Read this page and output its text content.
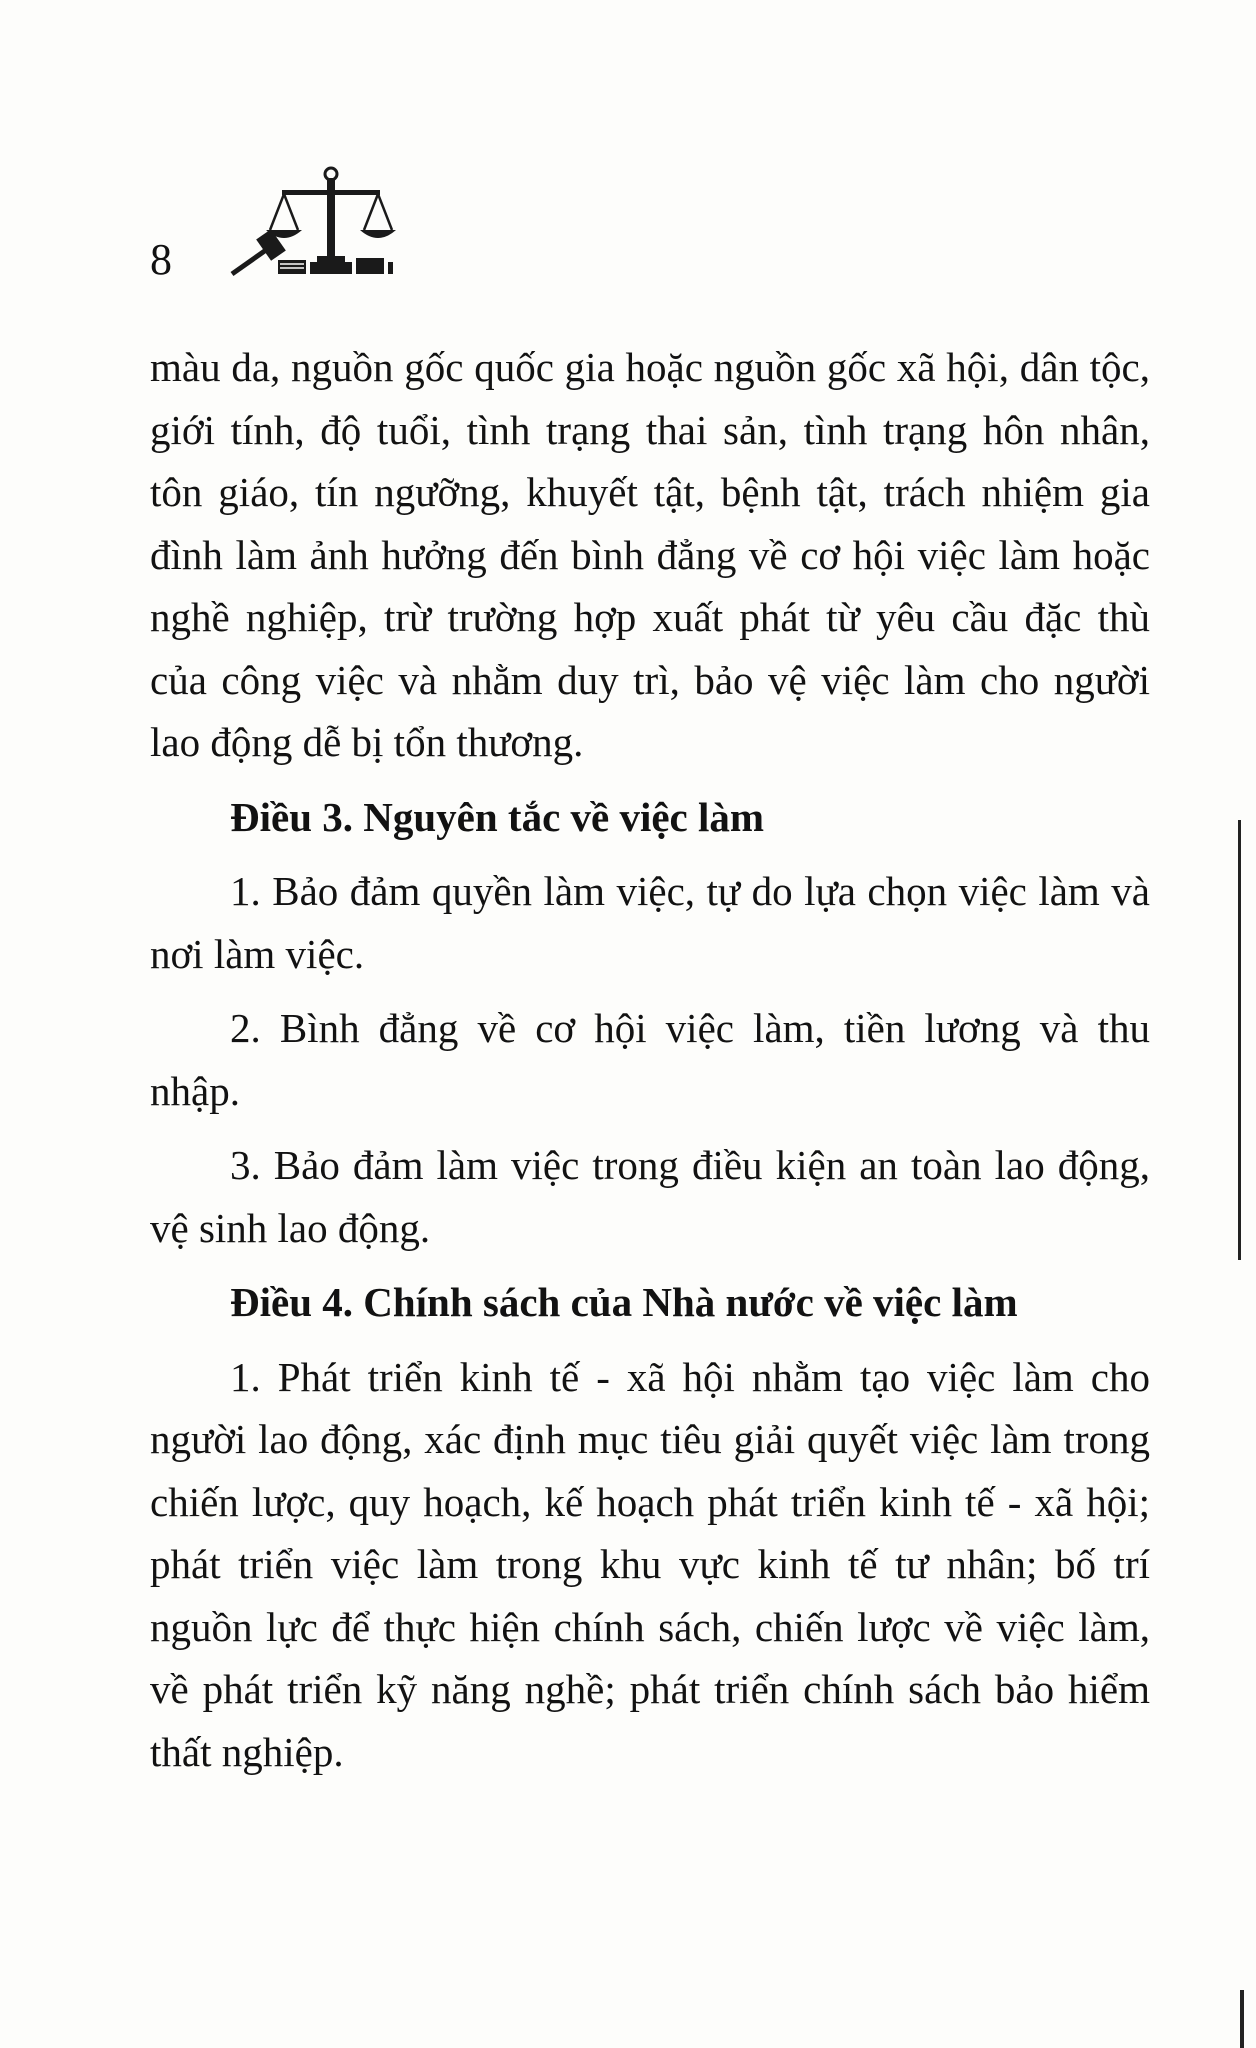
8

màu da, nguồn gốc quốc gia hoặc nguồn gốc xã hội, dân tộc, giới tính, độ tuổi, tình trạng thai sản, tình trạng hôn nhân, tôn giáo, tín ngưỡng, khuyết tật, bệnh tật, trách nhiệm gia đình làm ảnh hưởng đến bình đẳng về cơ hội việc làm hoặc nghề nghiệp, trừ trường hợp xuất phát từ yêu cầu đặc thù của công việc và nhằm duy trì, bảo vệ việc làm cho người lao động dễ bị tổn thương.

Điều 3. Nguyên tắc về việc làm

1. Bảo đảm quyền làm việc, tự do lựa chọn việc làm và nơi làm việc.

2. Bình đẳng về cơ hội việc làm, tiền lương và thu nhập.

3. Bảo đảm làm việc trong điều kiện an toàn lao động, vệ sinh lao động.

Điều 4. Chính sách của Nhà nước về việc làm

1. Phát triển kinh tế - xã hội nhằm tạo việc làm cho người lao động, xác định mục tiêu giải quyết việc làm trong chiến lược, quy hoạch, kế hoạch phát triển kinh tế - xã hội; phát triển việc làm trong khu vực kinh tế tư nhân; bố trí nguồn lực để thực hiện chính sách, chiến lược về việc làm, về phát triển kỹ năng nghề; phát triển chính sách bảo hiểm thất nghiệp.
